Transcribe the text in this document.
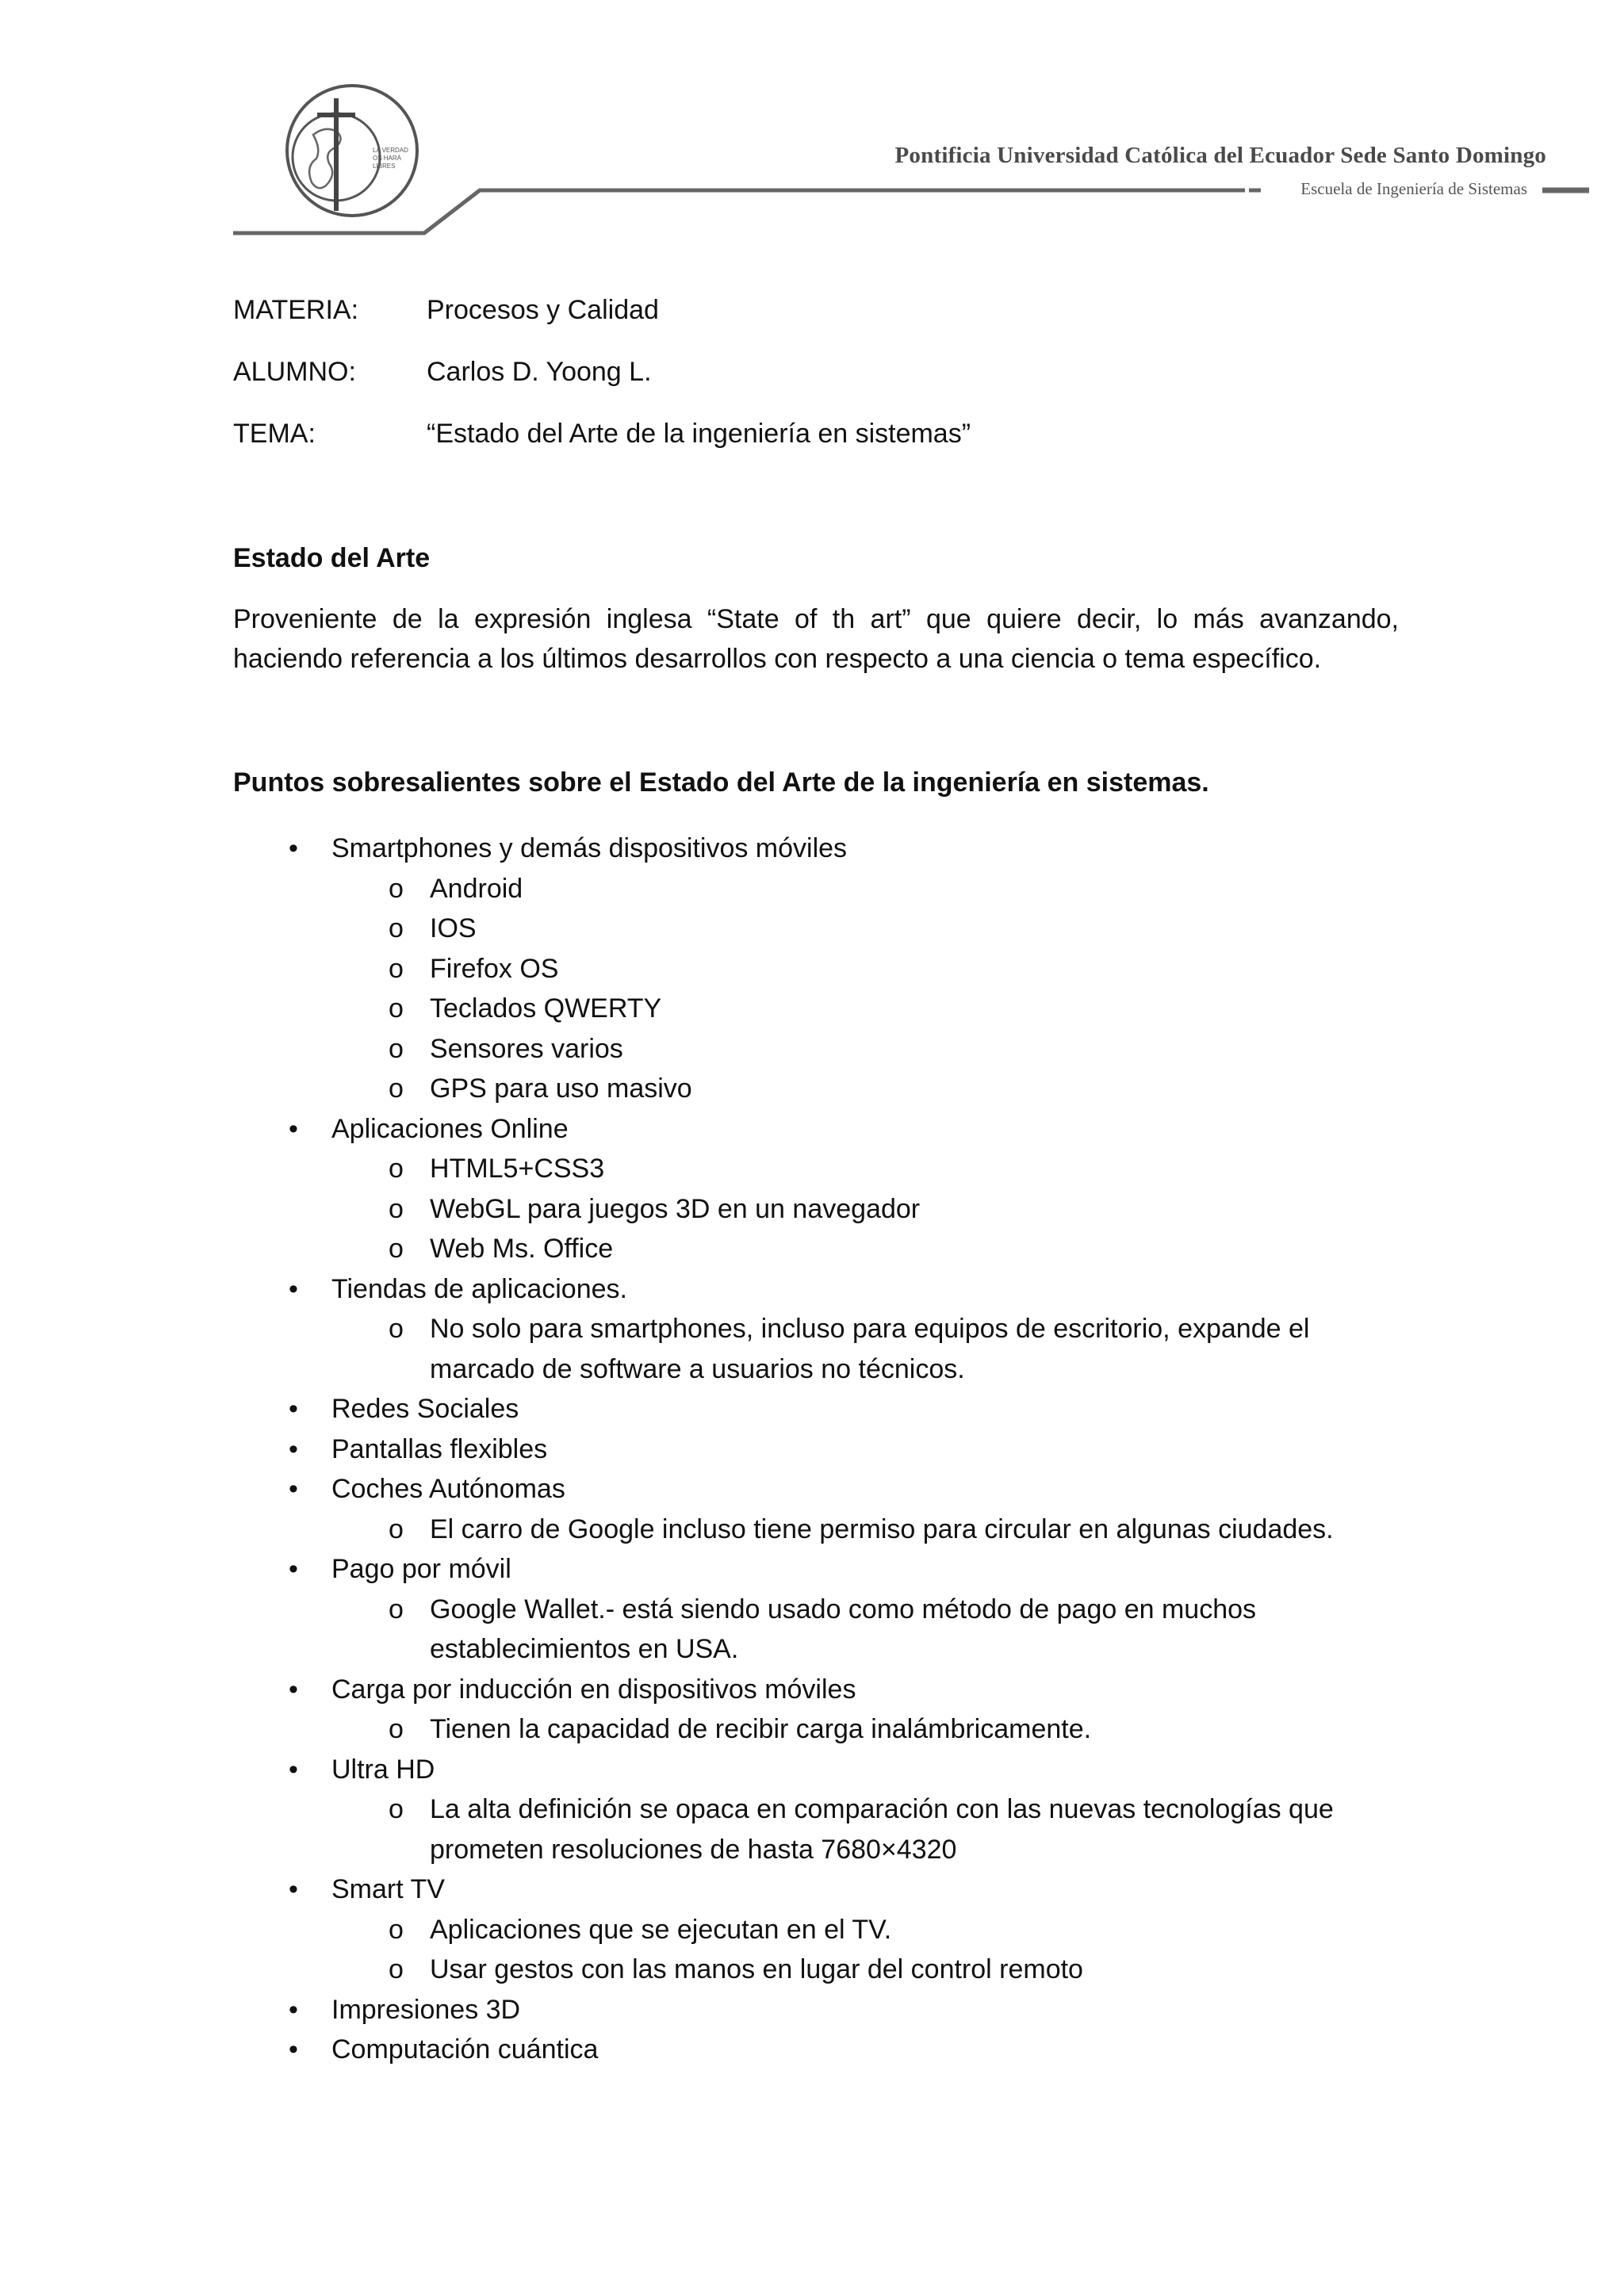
LA VERDAD
OS HARÁ
LIBRES	Pontificia Universidad Católica del Ecuador Sede Santo Domingo
Escuela de Ingeniería de Sistemas
MATERIA:	Procesos y Calidad
ALUMNO:	Carlos D. Yoong L.
TEMA:	“Estado del Arte de la ingeniería en sistemas”
Estado del Arte

Proveniente de la expresión inglesa “State of th art” que quiere decir, lo más avanzando,
haciendo referencia a los últimos desarrollos con respecto a una ciencia o tema específico.

Puntos sobresalientes sobre el Estado del Arte de la ingeniería en sistemas.
• Smartphones y demás dispositivos móviles
o Android
o IOS
o Firefox OS
o Teclados QWERTY
o Sensores varios
o GPS para uso masivo
• Aplicaciones Online
o HTML5+CSS3
o WebGL para juegos 3D en un navegador
o Web Ms. Office
• Tiendas de aplicaciones.
o No solo para smartphones, incluso para equipos de escritorio, expande el marcado de software a usuarios no técnicos.
• Redes Sociales
• Pantallas flexibles
• Coches Autónomas
o El carro de Google incluso tiene permiso para circular en algunas ciudades.
• Pago por móvil
o Google Wallet.- está siendo usado como método de pago en muchos establecimientos en USA.
• Carga por inducción en dispositivos móviles
o Tienen la capacidad de recibir carga inalámbricamente.
• Ultra HD
o La alta definición se opaca en comparación con las nuevas tecnologías que prometen resoluciones de hasta 7680×4320
• Smart TV
o Aplicaciones que se ejecutan en el TV.
o Usar gestos con las manos en lugar del control remoto
• Impresiones 3D
• Computación cuántica
